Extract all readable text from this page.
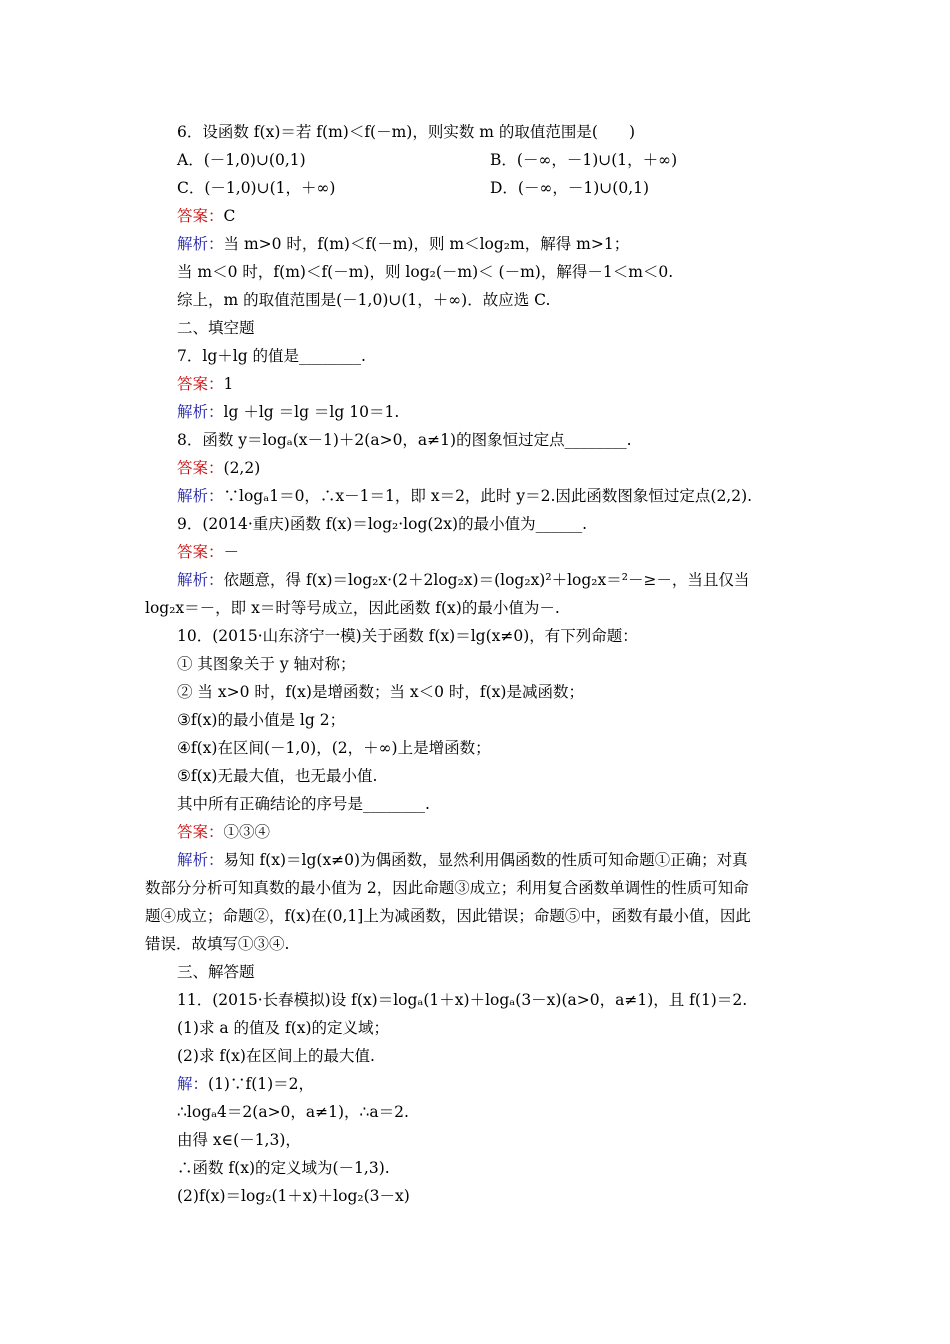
6．设函数 f(x)＝若 f(m)＜f(－m)，则实数 m 的取值范围是(　　)
A．(－1,0)∪(0,1)	B．(－∞，－1)∪(1，＋∞)
C．(－1,0)∪(1，＋∞)	D．(－∞，－1)∪(0,1)
答案：C
解析：当 m>0 时，f(m)＜f(－m)，则 m＜log₂m，解得 m>1；
当 m＜0 时，f(m)＜f(－m)，则 log₂(－m)＜ (－m)，解得－1＜m＜0.
综上，m 的取值范围是(－1,0)∪(1，＋∞)．故应选 C.
二、填空题
7．lg＋lg 的值是________.
答案：1
解析：lg ＋lg ＝lg ＝lg 10＝1.
8．函数 y＝logₐ(x－1)＋2(a>0，a≠1)的图象恒过定点________.
答案：(2,2)
解析：∵logₐ1＝0，∴x－1＝1，即 x＝2，此时 y＝2.因此函数图象恒过定点(2,2).
9．(2014·重庆)函数 f(x)＝log₂·log(2x)的最小值为______.
答案：－
解析：依题意，得 f(x)＝log₂x·(2＋2log₂x)＝(log₂x)²＋log₂x＝²－≥－，当且仅当
log₂x＝－，即 x＝时等号成立，因此函数 f(x)的最小值为－.
10．(2015·山东济宁一模)关于函数 f(x)＝lg(x≠0)，有下列命题：
① 其图象关于 y 轴对称；
② 当 x>0 时，f(x)是增函数；当 x＜0 时，f(x)是减函数；
③f(x)的最小值是 lg 2；
④f(x)在区间(－1,0)，(2，＋∞)上是增函数；
⑤f(x)无最大值，也无最小值.
其中所有正确结论的序号是________.
答案：①③④
解析：易知 f(x)＝lg(x≠0)为偶函数，显然利用偶函数的性质可知命题①正确；对真
数部分分析可知真数的最小值为 2，因此命题③成立；利用复合函数单调性的性质可知命
题④成立；命题②，f(x)在(0,1]上为减函数，因此错误；命题⑤中，函数有最小值，因此
错误．故填写①③④.
三、解答题
11．(2015·长春模拟)设 f(x)＝logₐ(1＋x)＋logₐ(3－x)(a>0，a≠1)，且 f(1)＝2.
(1)求 a 的值及 f(x)的定义域；
(2)求 f(x)在区间上的最大值.
解：(1)∵f(1)＝2，
∴logₐ4＝2(a>0，a≠1)，∴a＝2.
由得 x∈(－1,3)，
∴函数 f(x)的定义域为(－1,3).
(2)f(x)＝log₂(1＋x)＋log₂(3－x)
